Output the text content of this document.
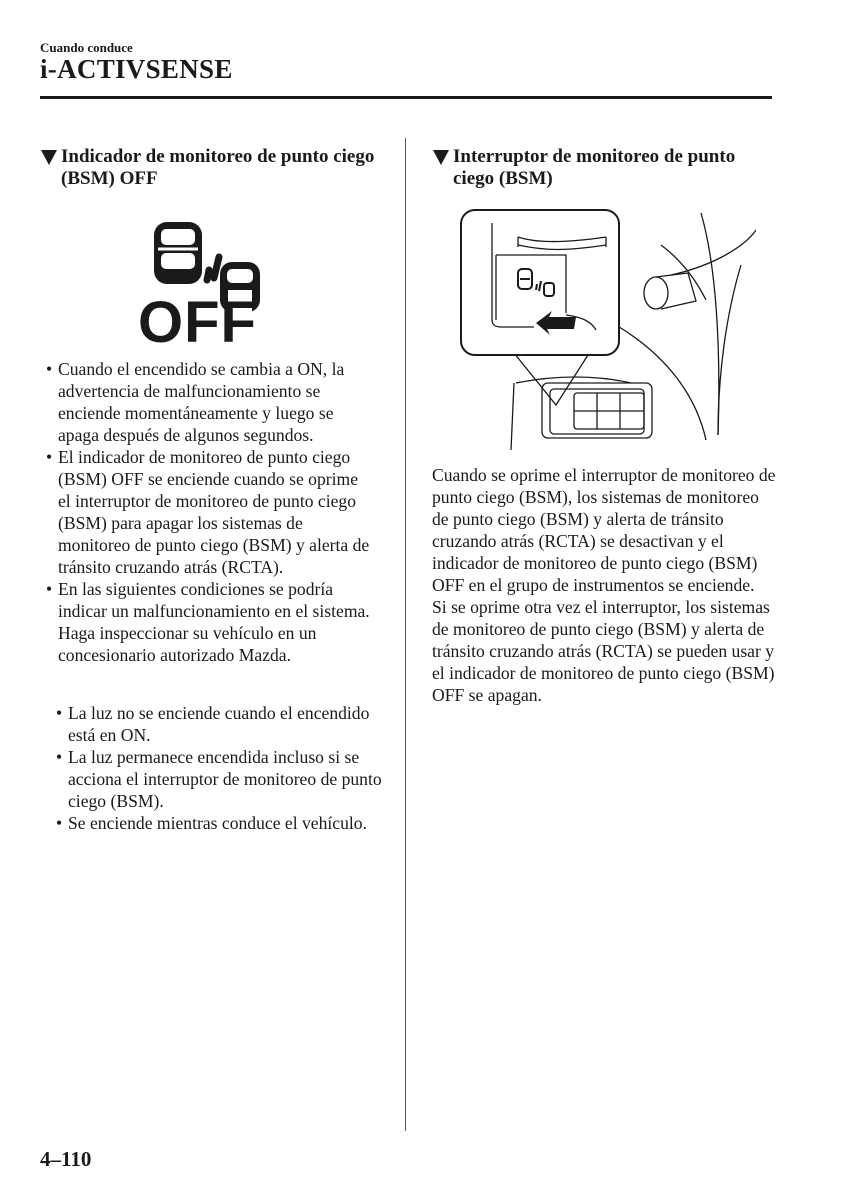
Cuando conduce
i-ACTIVSENSE
Indicador de monitoreo de punto ciego (BSM) OFF
OFF
• Cuando el encendido se cambia a ON, la advertencia de malfuncionamiento se enciende momentáneamente y luego se apaga después de algunos segundos.
• El indicador de monitoreo de punto ciego (BSM) OFF se enciende cuando se oprime el interruptor de monitoreo de punto ciego (BSM) para apagar los sistemas de monitoreo de punto ciego (BSM) y alerta de tránsito cruzando atrás (RCTA).
• En las siguientes condiciones se podría indicar un malfuncionamiento en el sistema. Haga inspeccionar su vehículo en un concesionario autorizado Mazda.
• La luz no se enciende cuando el encendido está en ON.
• La luz permanece encendida incluso si se acciona el interruptor de monitoreo de punto ciego (BSM).
• Se enciende mientras conduce el vehículo.
Interruptor de monitoreo de punto ciego (BSM)

Cuando se oprime el interruptor de monitoreo de punto ciego (BSM), los sistemas de monitoreo de punto ciego (BSM) y alerta de tránsito cruzando atrás (RCTA) se desactivan y el indicador de monitoreo de punto ciego (BSM) OFF en el grupo de instrumentos se enciende.

Si se oprime otra vez el interruptor, los sistemas de monitoreo de punto ciego (BSM) y alerta de tránsito cruzando atrás (RCTA) se pueden usar y el indicador de monitoreo de punto ciego (BSM) OFF se apagan.

4–110
